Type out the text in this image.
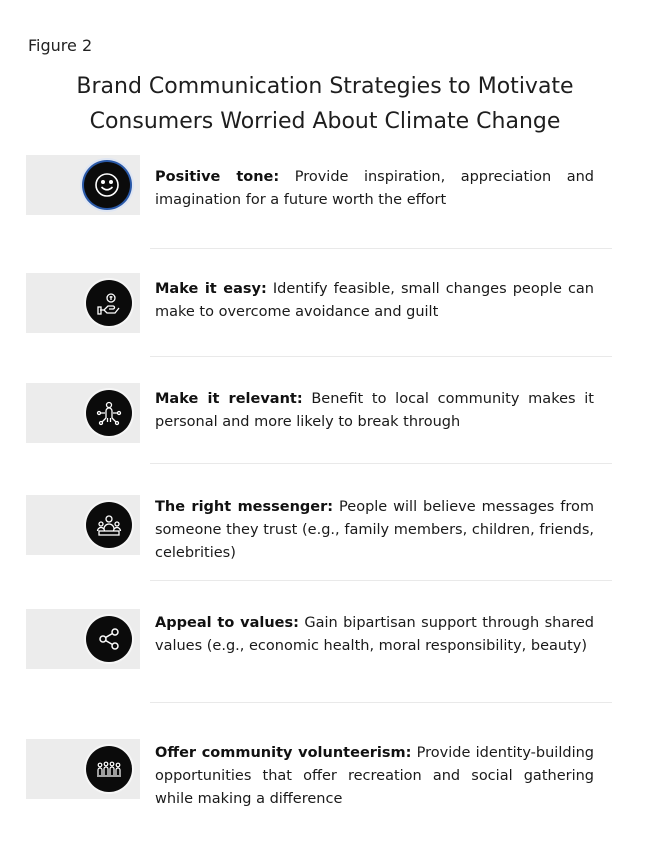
Figure 2
Brand Communication Strategies to Motivate
Consumers Worried About Climate Change
Positive tone: Provide inspiration, appreciation and imagination for a future worth the effort
Make it easy: Identify feasible, small changes people can make to overcome avoidance and guilt
Make it relevant: Benefit to local community makes it personal and more likely to break through
The right messenger: People will believe messages from someone they trust (e.g., family members, children, friends, celebrities)
Appeal to values: Gain bipartisan support through shared values (e.g., economic health, moral responsibility, beauty)
Offer community volunteerism: Provide identity-building opportunities that offer recreation and social gathering while making a difference
